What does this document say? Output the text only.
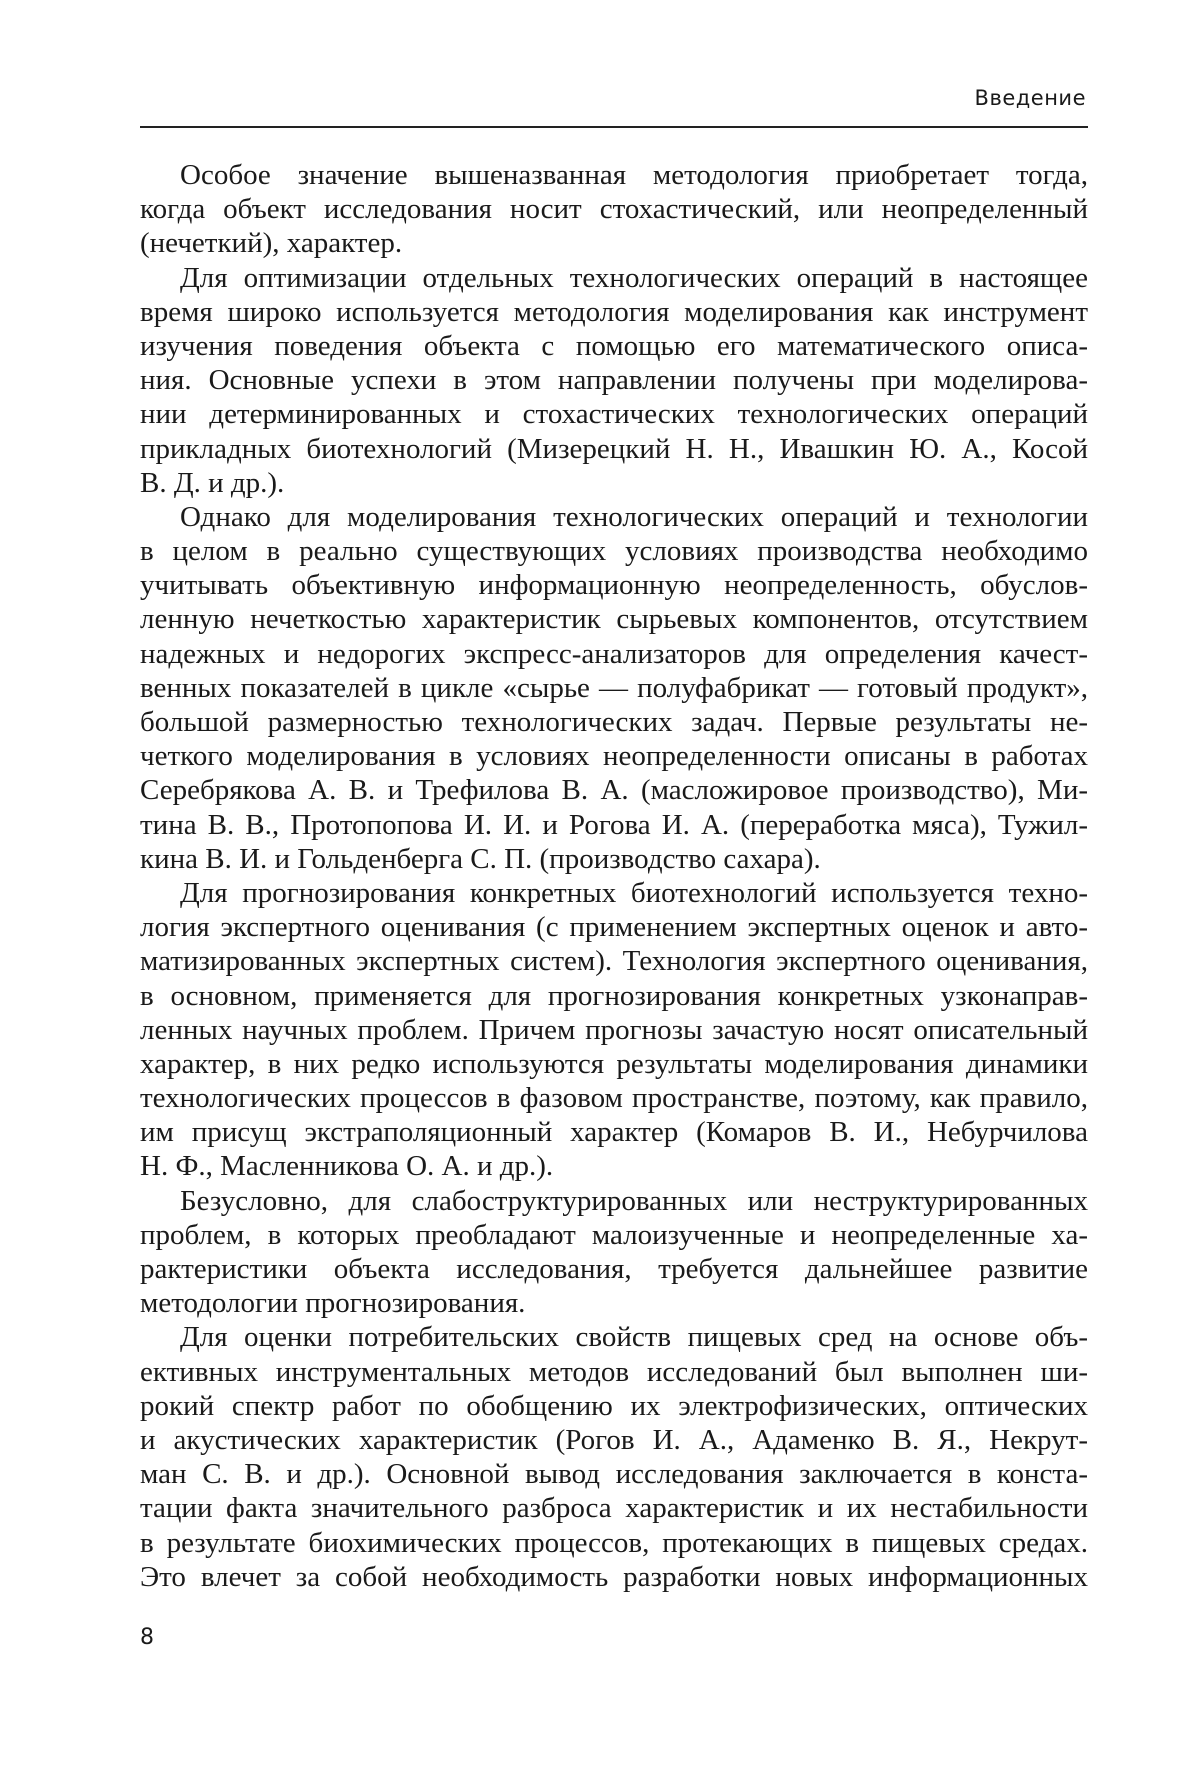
Введение
Особое значение вышеназванная методология приобретает тогда,
когда объект исследования носит стохастический, или неопределенный
(нечеткий), характер.
Для оптимизации отдельных технологических операций в настоящее
время широко используется методология моделирования как инструмент
изучения поведения объекта с помощью его математического описа-
ния. Основные успехи в этом направлении получены при моделирова-
нии детерминированных и стохастических технологических операций
прикладных биотехнологий (Мизерецкий Н. Н., Ивашкин Ю. А., Косой
В. Д. и др.).
Однако для моделирования технологических операций и технологии
в целом в реально существующих условиях производства необходимо
учитывать объективную информационную неопределенность, обуслов-
ленную нечеткостью характеристик сырьевых компонентов, отсутствием
надежных и недорогих экспресс-анализаторов для определения качест-
венных показателей в цикле «сырье — полуфабрикат — готовый продукт»,
большой размерностью технологических задач. Первые результаты не-
четкого моделирования в условиях неопределенности описаны в работах
Серебрякова А. В. и Трефилова В. А. (масложировое производство), Ми-
тина В. В., Протопопова И. И. и Рогова И. А. (переработка мяса), Тужил-
кина В. И. и Гольденберга С. П. (производство сахара).
Для прогнозирования конкретных биотехнологий используется техно-
логия экспертного оценивания (с применением экспертных оценок и авто-
матизированных экспертных систем). Технология экспертного оценивания,
в основном, применяется для прогнозирования конкретных узконаправ-
ленных научных проблем. Причем прогнозы зачастую носят описательный
характер, в них редко используются результаты моделирования динамики
технологических процессов в фазовом пространстве, поэтому, как правило,
им присущ экстраполяционный характер (Комаров В. И., Небурчилова
Н. Ф., Масленникова О. А. и др.).
Безусловно, для слабоструктурированных или неструктурированных
проблем, в которых преобладают малоизученные и неопределенные ха-
рактеристики объекта исследования, требуется дальнейшее развитие
методологии прогнозирования.
Для оценки потребительских свойств пищевых сред на основе объ-
ективных инструментальных методов исследований был выполнен ши-
рокий спектр работ по обобщению их электрофизических, оптических
и акустических характеристик (Рогов И. А., Адаменко В. Я., Некрут-
ман С. В. и др.). Основной вывод исследования заключается в конста-
тации факта значительного разброса характеристик и их нестабильности
в результате биохимических процессов, протекающих в пищевых средах.
Это влечет за собой необходимость разработки новых информационных
8
